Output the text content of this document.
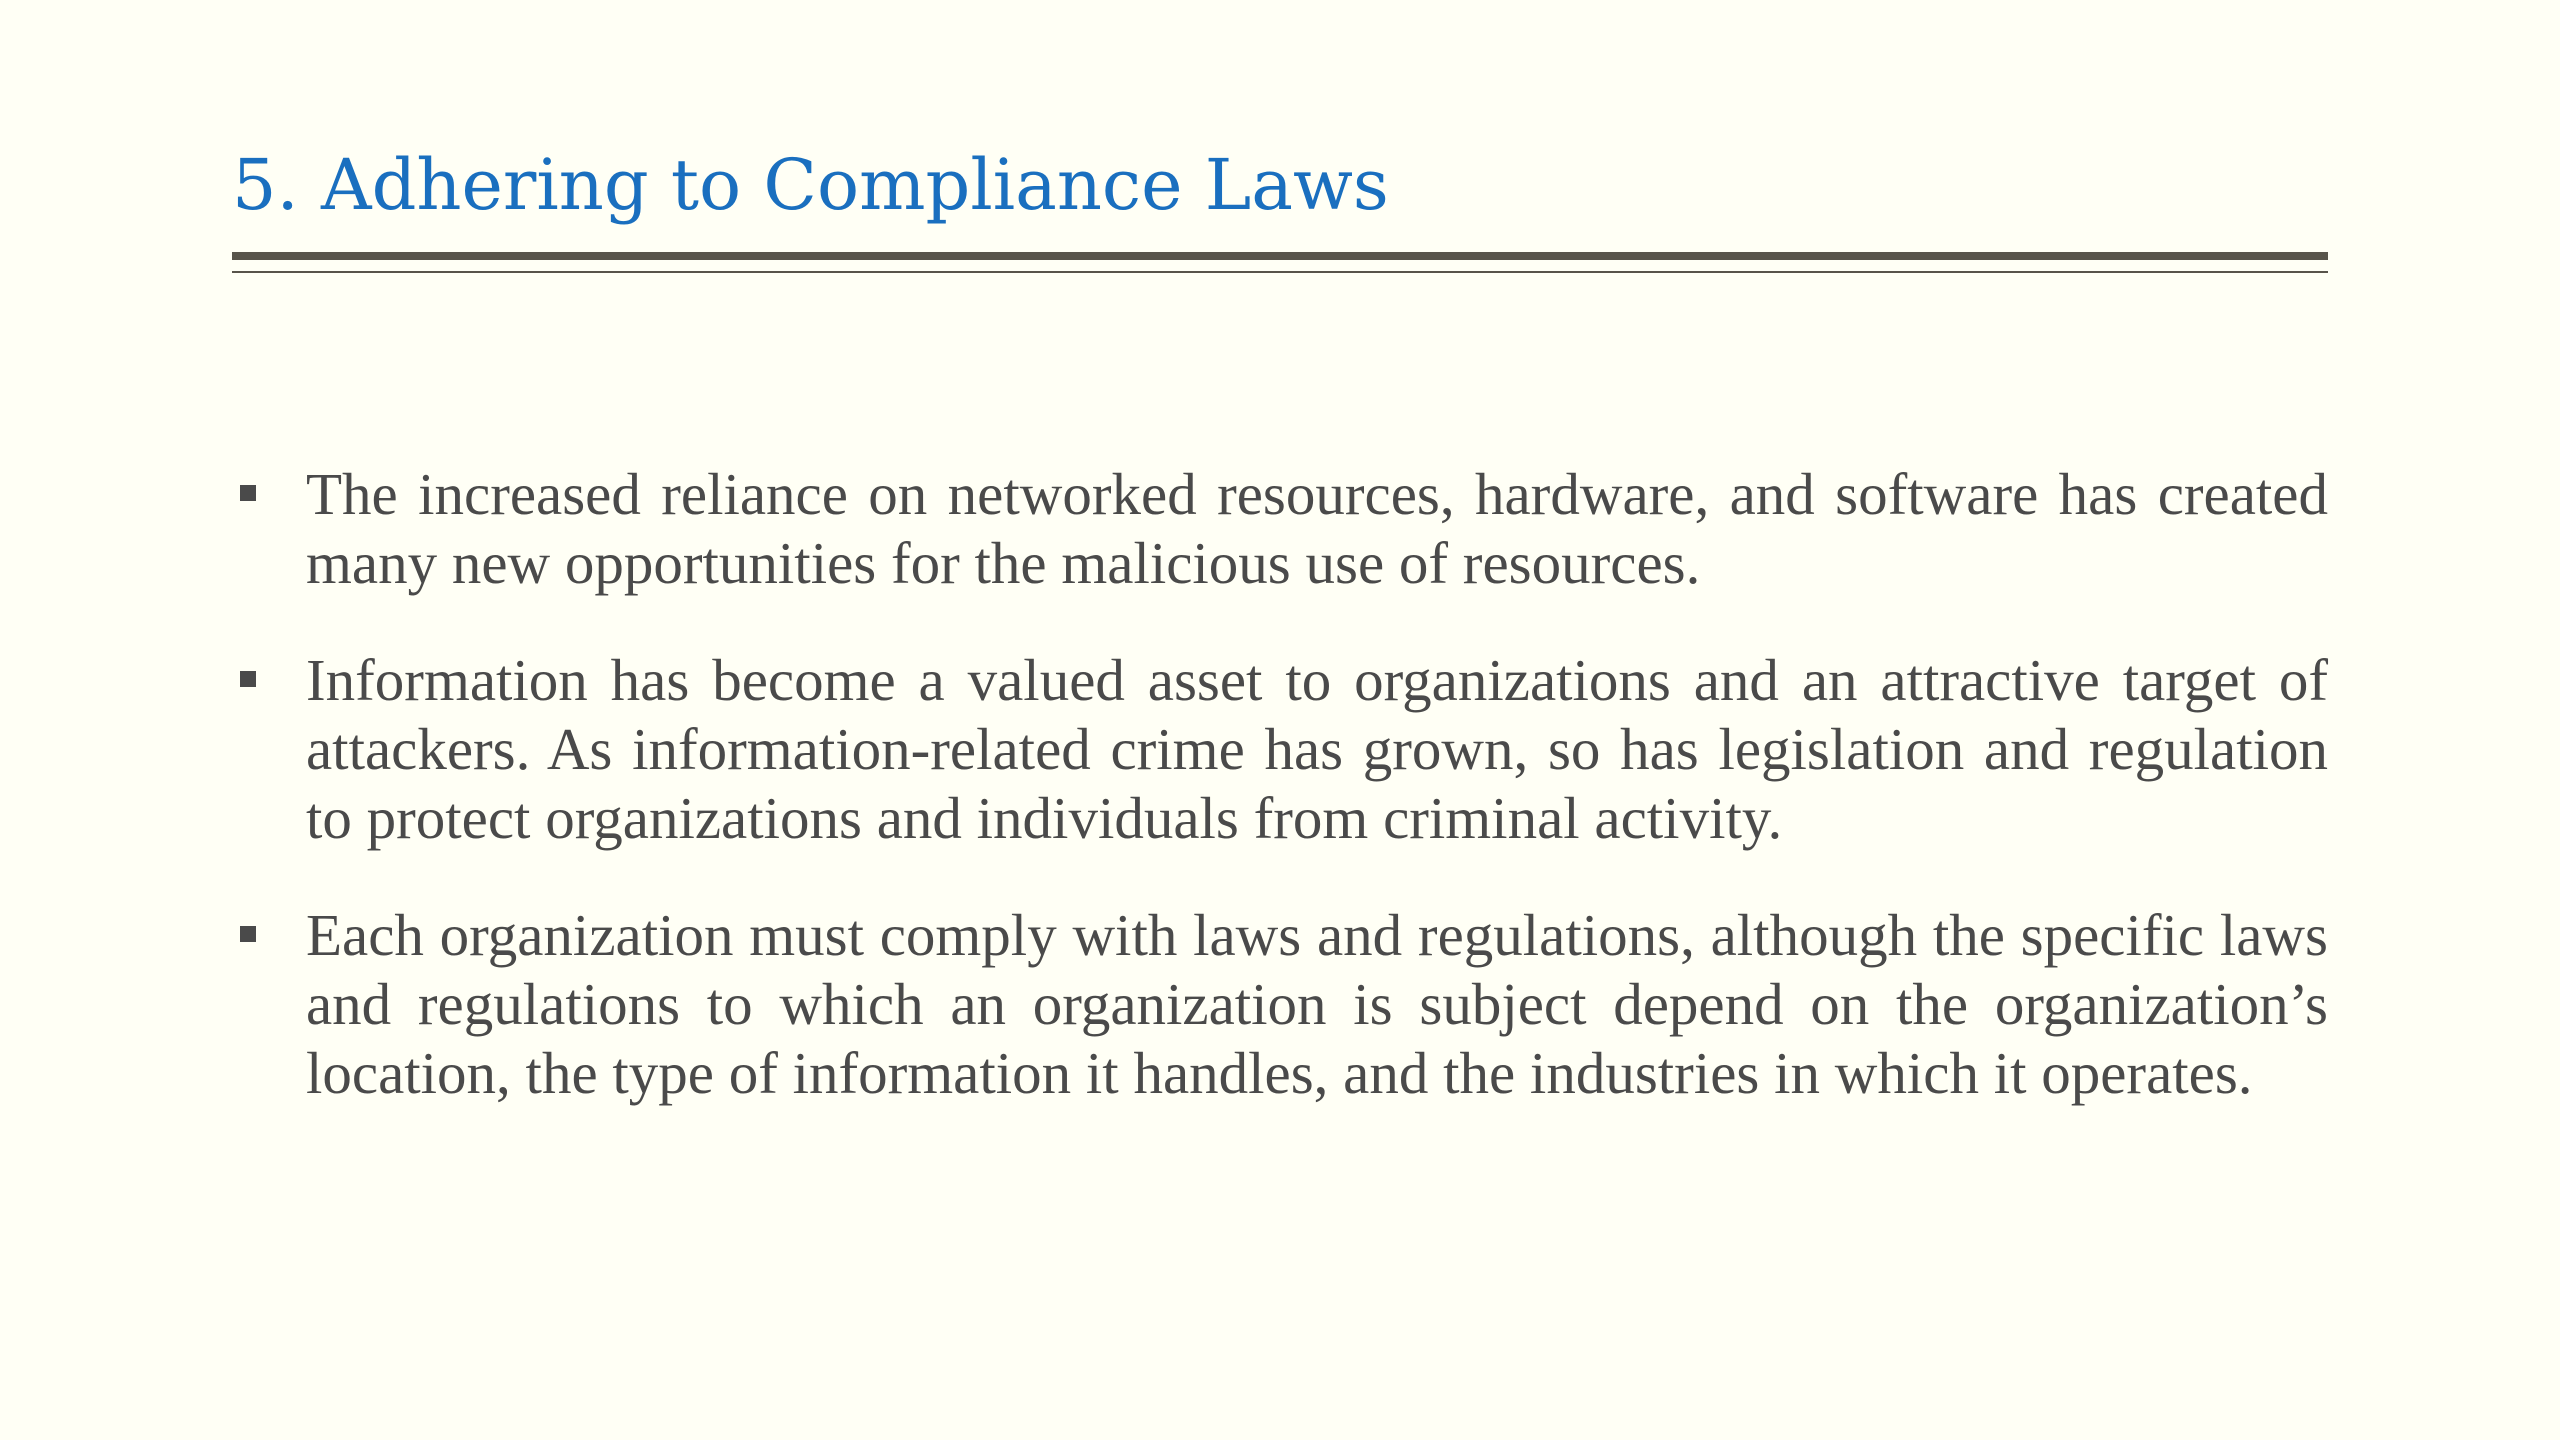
5. Adhering to Compliance Laws
The increased reliance on networked resources, hardware, and software has created many new opportunities for the malicious use of resources.
Information has become a valued asset to organizations and an attractive target of attackers. As information-related crime has grown, so has legislation and regulation to protect organizations and individuals from criminal activity.
Each organization must comply with laws and regulations, although the specific laws and regulations to which an organization is subject depend on the organization’s location, the type of information it handles, and the industries in which it operates.
